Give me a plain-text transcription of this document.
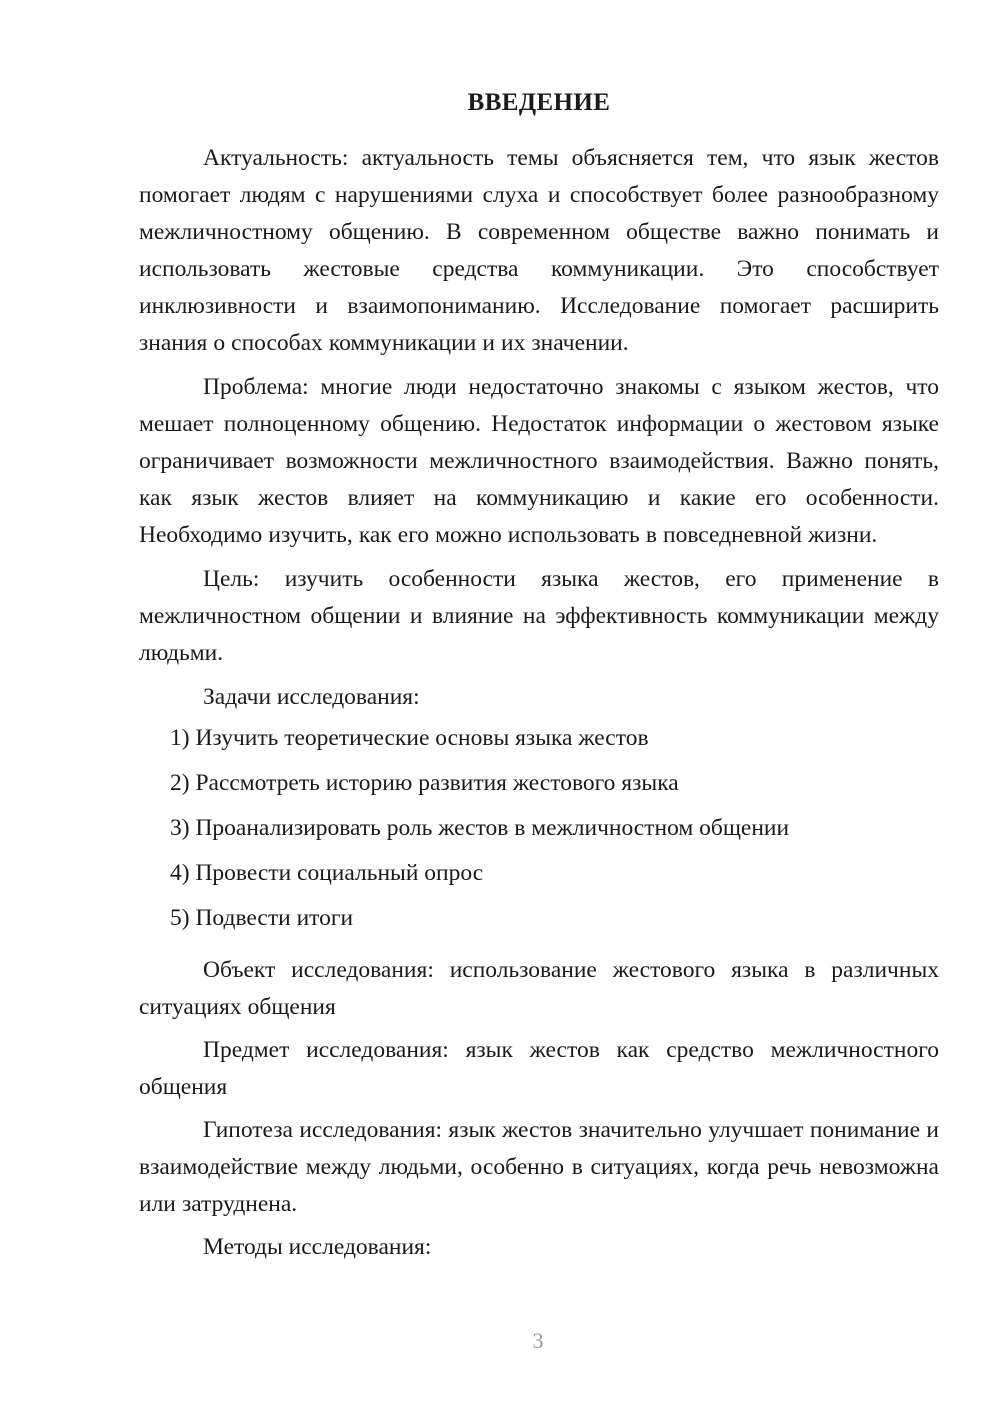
ВВЕДЕНИЕ

Актуальность: актуальность темы объясняется тем, что язык жестов помогает людям с нарушениями слуха и способствует более разнообразному межличностному общению. В современном обществе важно понимать и использовать жестовые средства коммуникации. Это способствует инклюзивности и взаимопониманию. Исследование помогает расширить знания о способах коммуникации и их значении.

Проблема: многие люди недостаточно знакомы с языком жестов, что мешает полноценному общению. Недостаток информации о жестовом языке ограничивает возможности межличностного взаимодействия. Важно понять, как язык жестов влияет на коммуникацию и какие его особенности. Необходимо изучить, как его можно использовать в повседневной жизни.

Цель: изучить особенности языка жестов, его применение в межличностном общении и влияние на эффективность коммуникации между людьми.

Задачи исследования:

1) Изучить теоретические основы языка жестов
2) Рассмотреть историю развития жестового языка
3) Проанализировать роль жестов в межличностном общении
4) Провести социальный опрос
5) Подвести итоги

Объект исследования: использование жестового языка в различных ситуациях общения

Предмет исследования: язык жестов как средство межличностного общения

Гипотеза исследования: язык жестов значительно улучшает понимание и взаимодействие между людьми, особенно в ситуациях, когда речь невозможна или затруднена.

Методы исследования:

3
